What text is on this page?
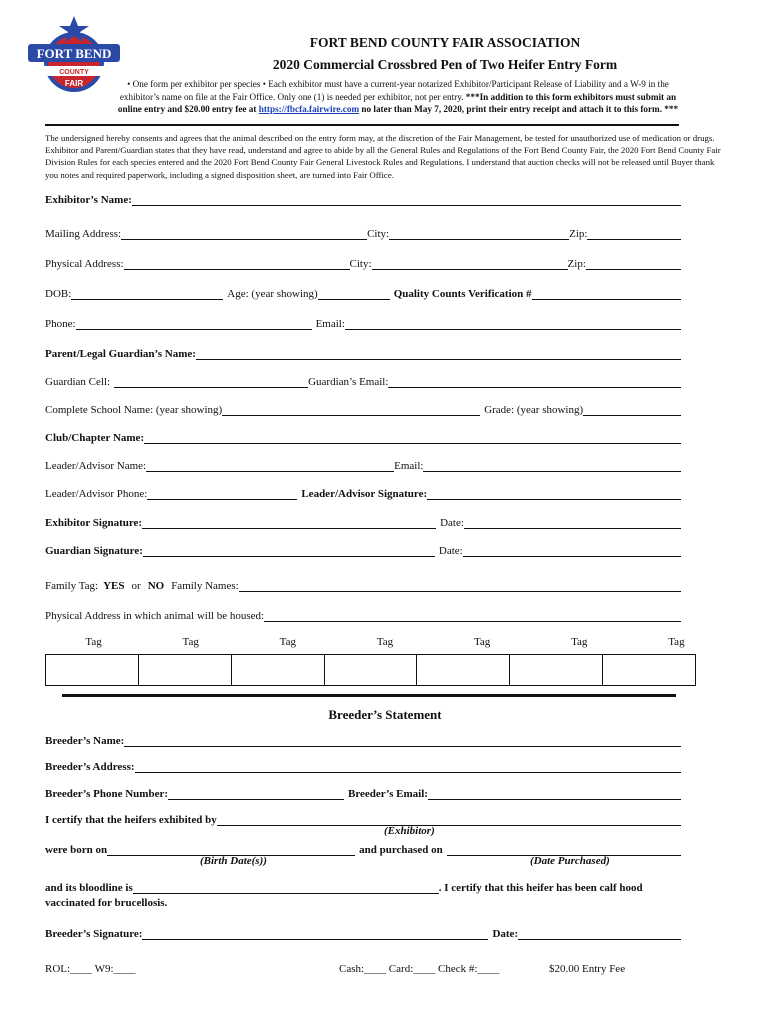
FORT BEND
COUNTY
FAIR
FORT BEND COUNTY FAIR ASSOCIATION
2020 Commercial Crossbred Pen of Two Heifer Entry Form
• One form per exhibitor per species • Each exhibitor must have a current-year notarized Exhibitor/Participant Release of Liability and a W-9 in the
exhibitor’s name on file at the Fair Office. Only one (1) is needed per exhibitor, not per entry. ***In addition to this form exhibitors must submit an
online entry and $20.00 entry fee at https://fbcfa.fairwire.com no later than May 7, 2020, print their entry receipt and attach it to this form. ***
The undersigned hereby consents and agrees that the animal described on the entry form may, at the discretion of the Fair Management, be tested for unauthorized use of medication or drugs. Exhibitor and Parent/Guardian states that they have read, understand and agree to abide by all the General Rules and Regulations of the Fort Bend County Fair, the 2020 Fort Bend County Fair Division Rules for each species entered and the 2020 Fort Bend County Fair General Livestock Rules and Regulations. I understand that auction checks will not be released until Buyer thank you notes and required paperwork, including a signed disposition sheet, are turned into Fair Office.
Exhibitor’s Name:
Mailing Address:	City:	Zip:
Physical Address:	City:	Zip:
DOB:	Age: (year showing)	Quality Counts Verification #
Phone:	Email:
Parent/Legal Guardian’s Name:
Guardian Cell:	Guardian’s Email:
Complete School Name: (year showing)	Grade: (year showing)
Club/Chapter Name:
Leader/Advisor Name:	Email:
Leader/Advisor Phone:	Leader/Advisor Signature:
Exhibitor Signature:	Date:
Guardian Signature:	Date:
Family Tag: YES or NO Family Names:
Physical Address in which animal will be housed:
Tag	Tag	Tag	Tag	Tag	Tag	Tag
Breeder’s Statement
Breeder’s Name:
Breeder’s Address:
Breeder’s Phone Number:	Breeder’s Email:
I certify that the heifers exhibited by
(Exhibitor)
were born on	and purchased on
(Birth Date(s))	(Date Purchased)
and its bloodline is	. I certify that this heifer has been calf hood
vaccinated for brucellosis.
Breeder’s Signature:	Date:
ROL:____ W9:____	Cash:____ Card:____ Check #:____	$20.00 Entry Fee
